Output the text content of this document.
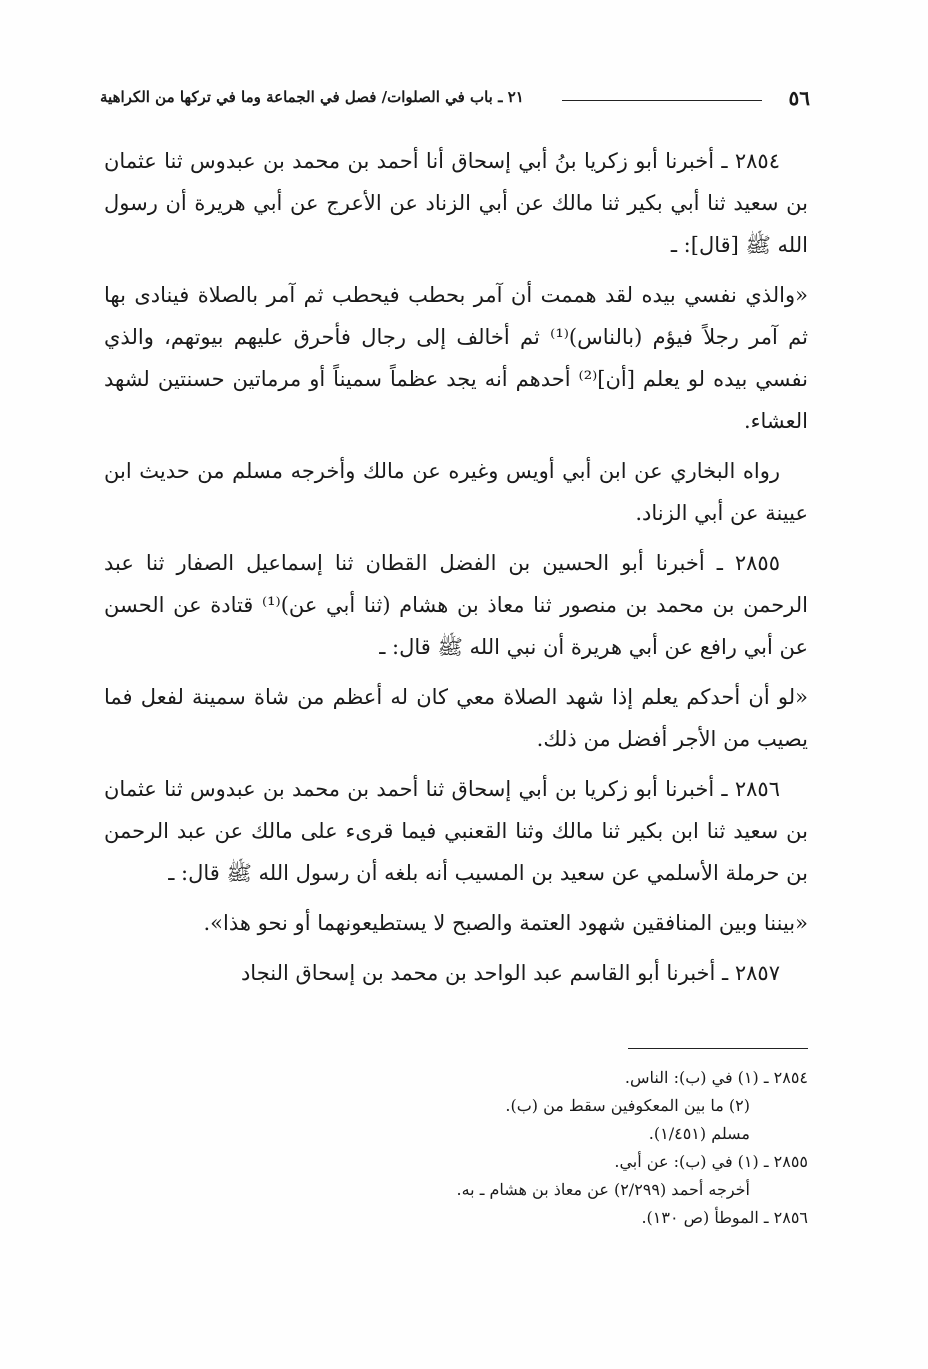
٥٦
٢١ ـ باب في الصلوات/ فصل في الجماعة وما في تركها من الكراهية

٢٨٥٤ ـ أخبرنا أبو زكريا بنُ أبي إسحاق أنا أحمد بن محمد بن عبدوس ثنا عثمان بن سعيد ثنا أبي بكير ثنا مالك عن أبي الزناد عن الأعرج عن أبي هريرة أن رسول الله ﷺ [قال]: ـ

«والذي نفسي بيده لقد هممت أن آمر بحطب فيحطب ثم آمر بالصلاة فينادى بها ثم آمر رجلاً فيؤم (بالناس)⁽¹⁾ ثم أخالف إلى رجال فأحرق عليهم بيوتهم، والذي نفسي بيده لو يعلم [أن]⁽²⁾ أحدهم أنه يجد عظماً سميناً أو مرماتين حسنتين لشهد العشاء.

رواه البخاري عن ابن أبي أويس وغيره عن مالك وأخرجه مسلم من حديث ابن عيينة عن أبي الزناد.

٢٨٥٥ ـ أخبرنا أبو الحسين بن الفضل القطان ثنا إسماعيل الصفار ثنا عبد الرحمن بن محمد بن منصور ثنا معاذ بن هشام (ثنا أبي عن)⁽¹⁾ قتادة عن الحسن عن أبي رافع عن أبي هريرة أن نبي الله ﷺ قال: ـ

«لو أن أحدكم يعلم إذا شهد الصلاة معي كان له أعظم من شاة سمينة لفعل فما يصيب من الأجر أفضل من ذلك.

٢٨٥٦ ـ أخبرنا أبو زكريا بن أبي إسحاق ثنا أحمد بن محمد بن عبدوس ثنا عثمان بن سعيد ثنا ابن بكير ثنا مالك وثنا القعنبي فيما قرىء على مالك عن عبد الرحمن بن حرملة الأسلمي عن سعيد بن المسيب أنه بلغه أن رسول الله ﷺ قال: ـ

«بيننا وبين المنافقين شهود العتمة والصبح لا يستطيعونهما أو نحو هذا».

٢٨٥٧ ـ أخبرنا أبو القاسم عبد الواحد بن محمد بن إسحاق النجاد

٢٨٥٤ ـ (١) في (ب): الناس.
(٢) ما بين المعكوفين سقط من (ب).
مسلم (١/٤٥١).
٢٨٥٥ ـ (١) في (ب): عن أبي.
أخرجه أحمد (٢/٢٩٩) عن معاذ بن هشام ـ به.
٢٨٥٦ ـ الموطأ (ص ١٣٠).
